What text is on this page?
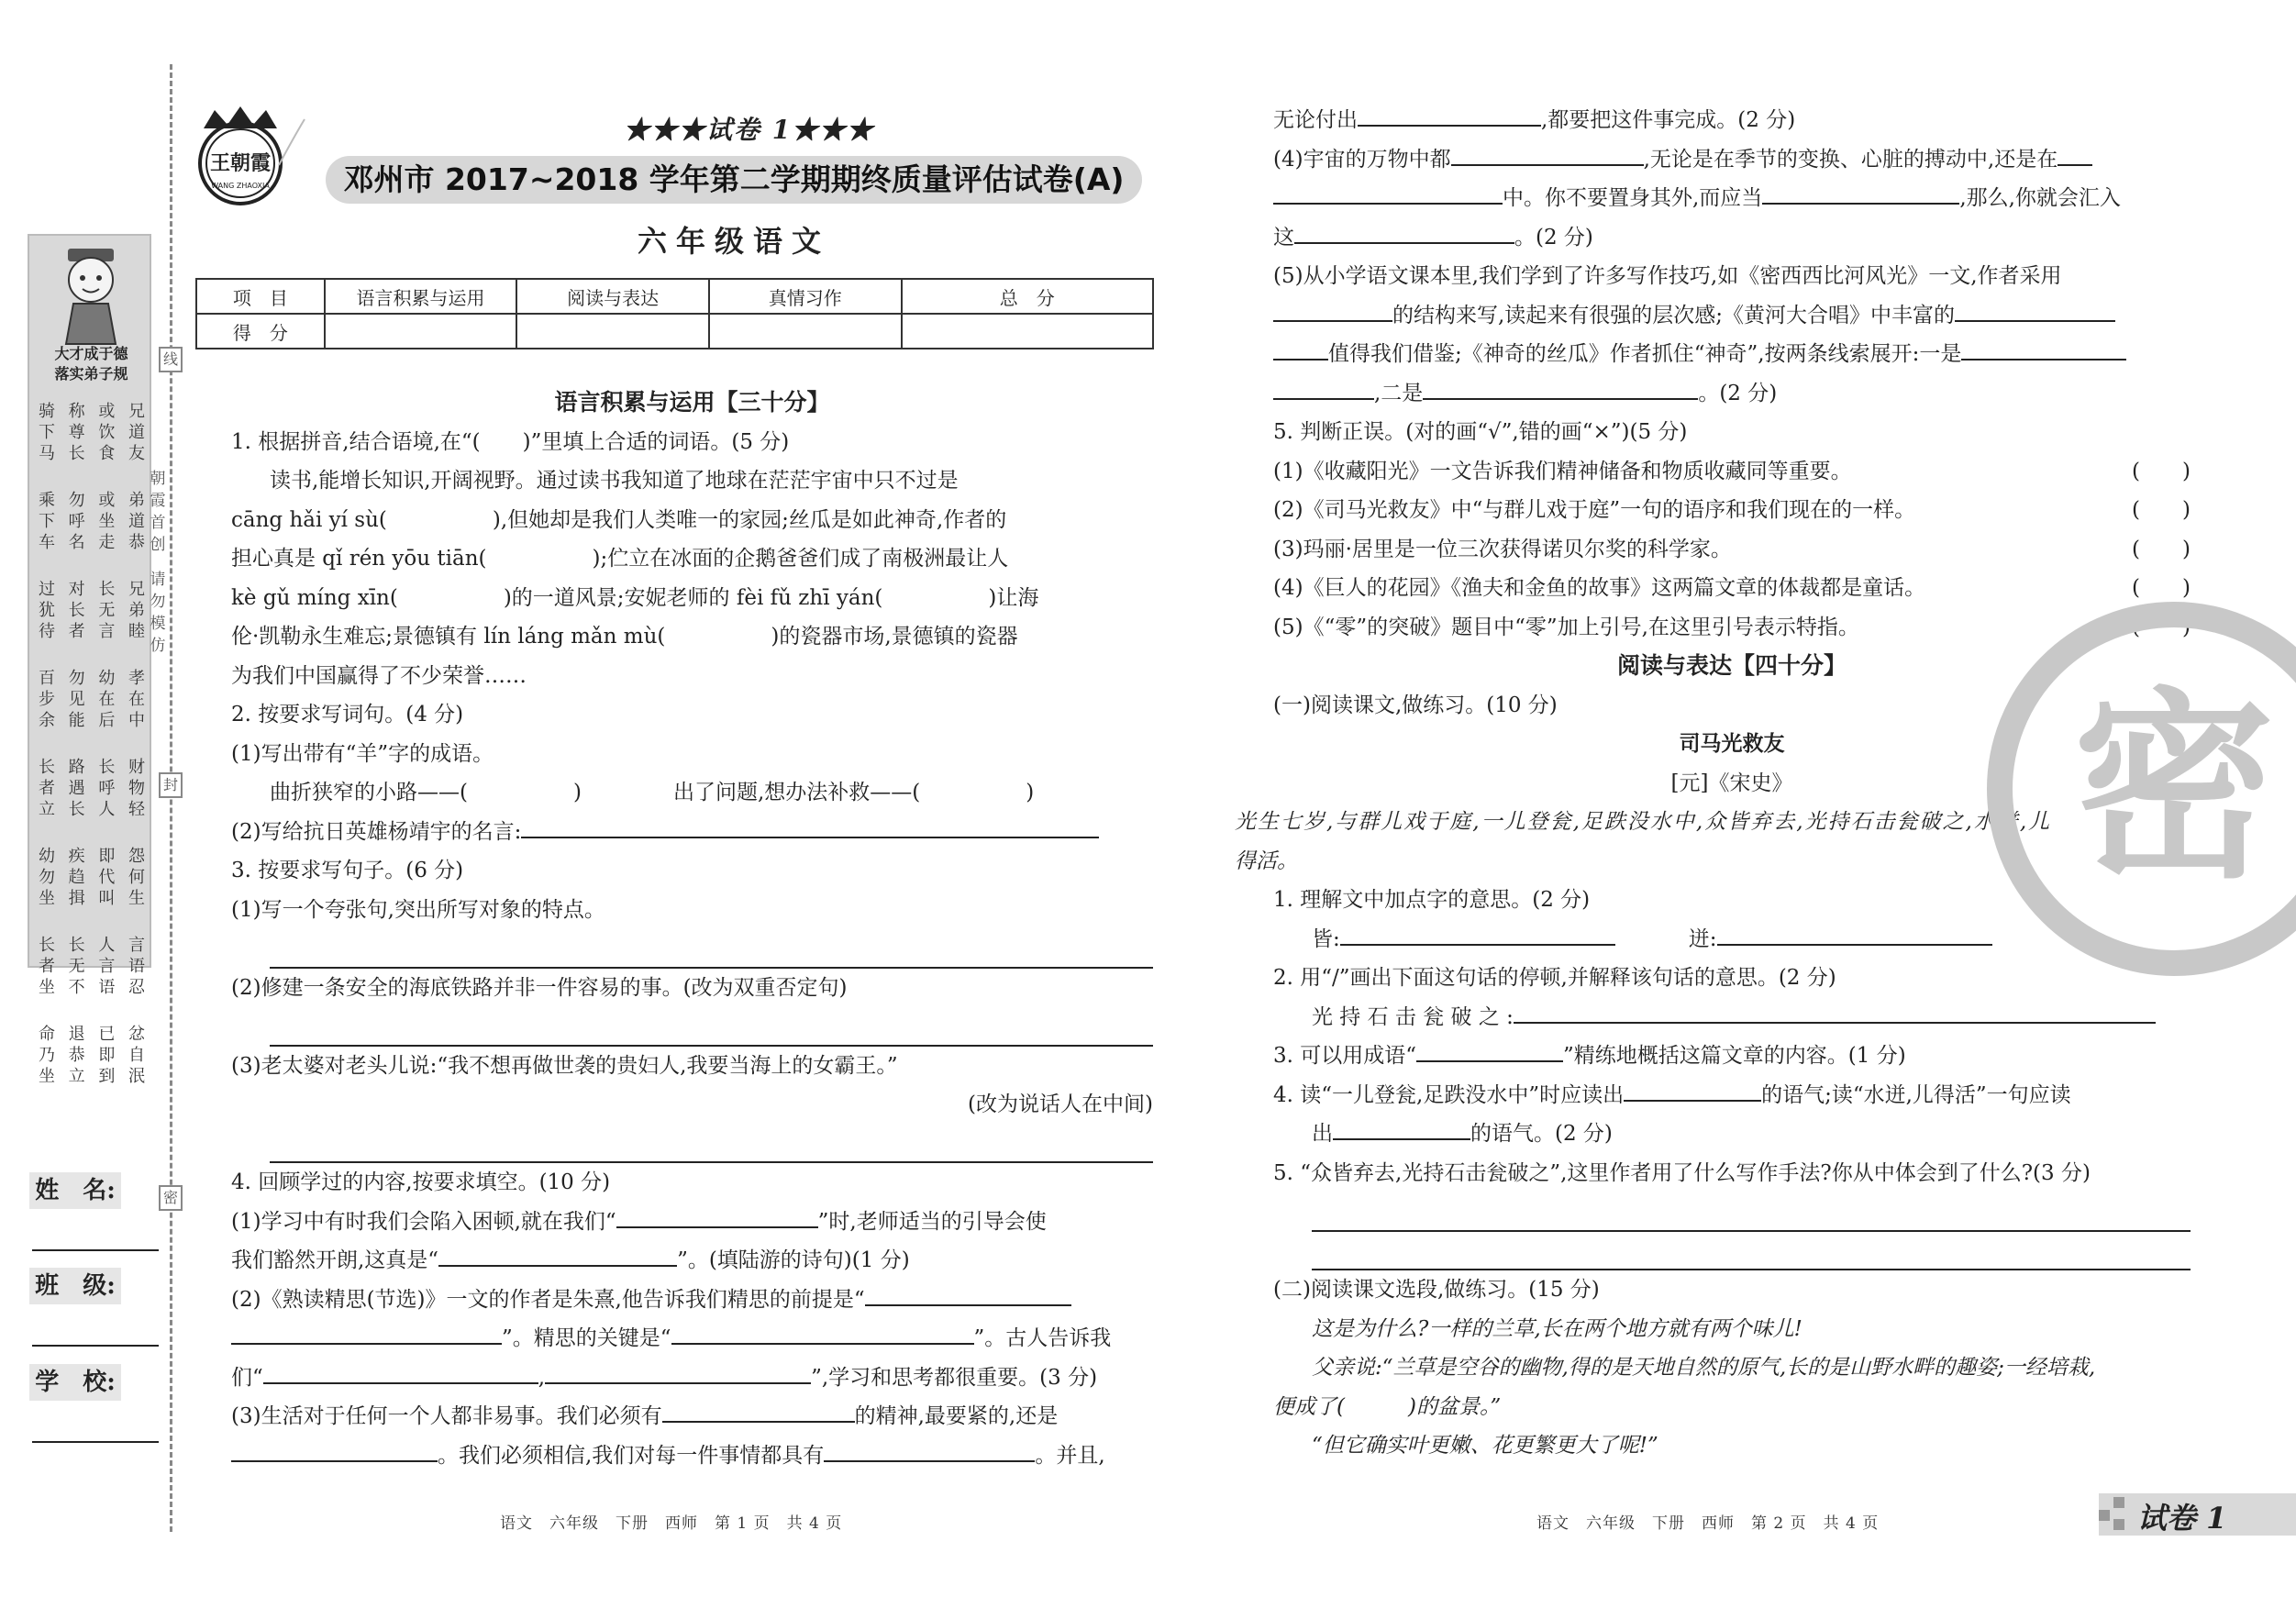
线
封
密
大才成于德
落实弟子规
骑下马
称尊长
或饮食
兄道友
乘下车
勿呼名
或坐走
弟道恭
过犹待
对长者
长无言
兄弟睦
百步余
勿见能
幼在后
孝在中
长者立
路遇长
长呼人
财物轻
幼勿坐
疾趋揖
即代叫
怨何生
长者坐
长无不
人言语
言语忍
命乃坐
退恭立
已即到
忿自泯
朝霞首创
请勿模仿
姓　名:
班　级:
学　校:
王朝霞
WANG ZHAOXIA
★★★试卷 1★★★
邓州市 2017~2018 学年第二学期期终质量评估试卷(A)
六年级语文
项　目	语言积累与运用	阅读与表达	真情习作	总　分
得　分				
语言积累与运用【三十分】
1. 根据拼音,结合语境,在“(　　)”里填上合适的词语。(5 分)
读书,能增长知识,开阔视野。通过读书我知道了地球在茫茫宇宙中只不过是
cāng hǎi yí sù(　　　　　),但她却是我们人类唯一的家园;丝瓜是如此神奇,作者的
担心真是 qǐ rén yōu tiān(　　　　　);伫立在冰面的企鹅爸爸们成了南极洲最让人
kè gǔ míng xīn(　　　　　)的一道风景;安妮老师的 fèi fǔ zhī yán(　　　　　)让海
伦·凯勒永生难忘;景德镇有 lín láng mǎn mù(　　　　　)的瓷器市场,景德镇的瓷器
为我们中国赢得了不少荣誉……
2. 按要求写词句。(4 分)
(1)写出带有“羊”字的成语。
曲折狭窄的小路——(　　　　　)	出了问题,想办法补救——(　　　　　)
(2)写给抗日英雄杨靖宇的名言:
3. 按要求写句子。(6 分)
(1)写一个夸张句,突出所写对象的特点。
(2)修建一条安全的海底铁路并非一件容易的事。(改为双重否定句)
(3)老太婆对老头儿说:“我不想再做世袭的贵妇人,我要当海上的女霸王。”
(改为说话人在中间)
4. 回顾学过的内容,按要求填空。(10 分)
(1)学习中有时我们会陷入困顿,就在我们“	”时,老师适当的引导会使
我们豁然开朗,这真是“	”。(填陆游的诗句)(1 分)
(2)《熟读精思(节选)》一文的作者是朱熹,他告诉我们精思的前提是“
”。精思的关键是“	”。古人告诉我
们“	,	”,学习和思考都很重要。(3 分)
(3)生活对于任何一个人都非易事。我们必须有	的精神,最要紧的,还是
。我们必须相信,我们对每一件事情都具有	。并且,
无论付出	,都要把这件事完成。(2 分)
(4)宇宙的万物中都	,无论是在季节的变换、心脏的搏动中,还是在
中。你不要置身其外,而应当	,那么,你就会汇入
这	。(2 分)
(5)从小学语文课本里,我们学到了许多写作技巧,如《密西西比河风光》一文,作者采用
的结构来写,读起来有很强的层次感;《黄河大合唱》中丰富的
值得我们借鉴;《神奇的丝瓜》作者抓住“神奇”,按两条线索展开:一是
,二是	。(2 分)
5. 判断正误。(对的画“√”,错的画“×”)(5 分)
(1)《收藏阳光》一文告诉我们精神储备和物质收藏同等重要。	(　　)
(2)《司马光救友》中“与群儿戏于庭”一句的语序和我们现在的一样。	(　　)
(3)玛丽·居里是一位三次获得诺贝尔奖的科学家。	(　　)
(4)《巨人的花园》《渔夫和金鱼的故事》这两篇文章的体裁都是童话。	(　　)
(5)《“零”的突破》题目中“零”加上引号,在这里引号表示特指。	(　　)
阅读与表达【四十分】
(一)阅读课文,做练习。(10 分)
司马光救友
[元]《宋史》
光生七岁,与群儿戏于庭,一儿登瓮,足跌没水中,众皆弃去,光持石击瓮破之,水迸,儿
得活。
1. 理解文中加点字的意思。(2 分)
皆:	迸:
2. 用“/”画出下面这句话的停顿,并解释该句话的意思。(2 分)
光 持 石 击 瓮 破 之 :
3. 可以用成语“	”精练地概括这篇文章的内容。(1 分)
4. 读“一儿登瓮,足跌没水中”时应读出	的语气;读“水迸,儿得活”一句应读
出	的语气。(2 分)
5. “众皆弃去,光持石击瓮破之”,这里作者用了什么写作手法?你从中体会到了什么?(3 分)
(二)阅读课文选段,做练习。(15 分)
这是为什么?一样的兰草,长在两个地方就有两个味儿!
父亲说:“兰草是空谷的幽物,得的是天地自然的原气,长的是山野水畔的趣姿;一经培栽,
便成了(　　　)的盆景。”
“但它确实叶更嫩、花更繁更大了呢!”
密
语文　六年级　下册　西师　第 1 页　共 4 页	语文　六年级　下册　西师　第 2 页　共 4 页	试卷 1
